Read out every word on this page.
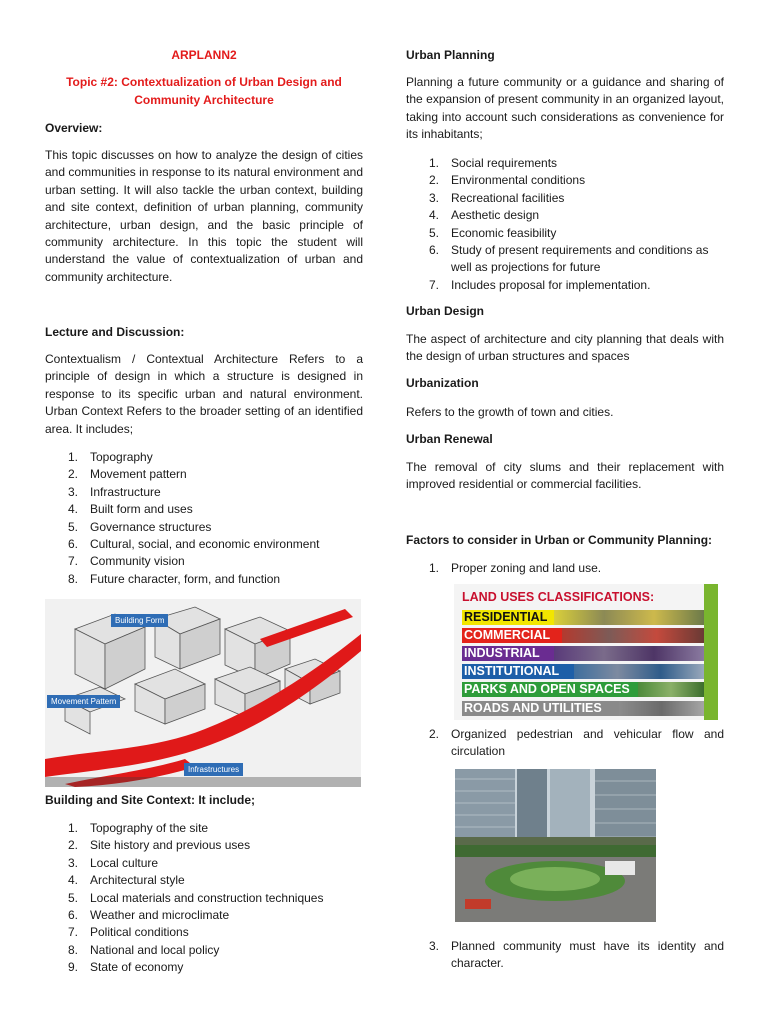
ARPLANN2

Topic #2: Contextualization of Urban Design and

Community Architecture

Overview:

This topic discusses on how to analyze the design of cities and communities in response to its natural environment and urban setting. It will also tackle the urban context, building and site context, definition of urban planning, community architecture, urban design, and the basic principle of community architecture. In this topic the student will understand the value of contextualization of urban and community architecture.

Lecture and Discussion:

Contextualism / Contextual Architecture Refers to a principle of design in which a structure is designed in response to its specific urban and natural environment. Urban Context Refers to the broader setting of an identified area. It includes;

1. Topography
2. Movement pattern
3. Infrastructure
4. Built form and uses
5. Governance structures
6. Cultural, social, and economic environment
7. Community vision
8. Future character, form, and function
Building Form
Movement Pattern
Infrastructures

Building and Site Context: It include;

1. Topography of the site
2. Site history and previous uses
3. Local culture
4. Architectural style
5. Local materials and construction techniques
6. Weather and microclimate
7. Political conditions
8. National and local policy
9. State of economy

Urban Planning

Planning a future community or a guidance and sharing of the expansion of present community in an organized layout, taking into account such considerations as convenience for its inhabitants;

1. Social requirements
2. Environmental conditions
3. Recreational facilities
4. Aesthetic design
5. Economic feasibility
6. Study of present requirements and conditions as well as projections for future
7. Includes proposal for implementation.

Urban Design

The aspect of architecture and city planning that deals with the design of urban structures and spaces

Urbanization

Refers to the growth of town and cities.

Urban Renewal

The removal of city slums and their replacement with improved residential or commercial facilities.

Factors to consider in Urban or Community Planning:

1. Proper zoning and land use.
LAND USES CLASSIFICATIONS:
RESIDENTIAL
COMMERCIAL
INDUSTRIAL
INSTITUTIONAL
PARKS AND OPEN SPACES
ROADS AND UTILITIES
2. Organized pedestrian and vehicular flow and circulation
3. Planned community must have its identity and character.
